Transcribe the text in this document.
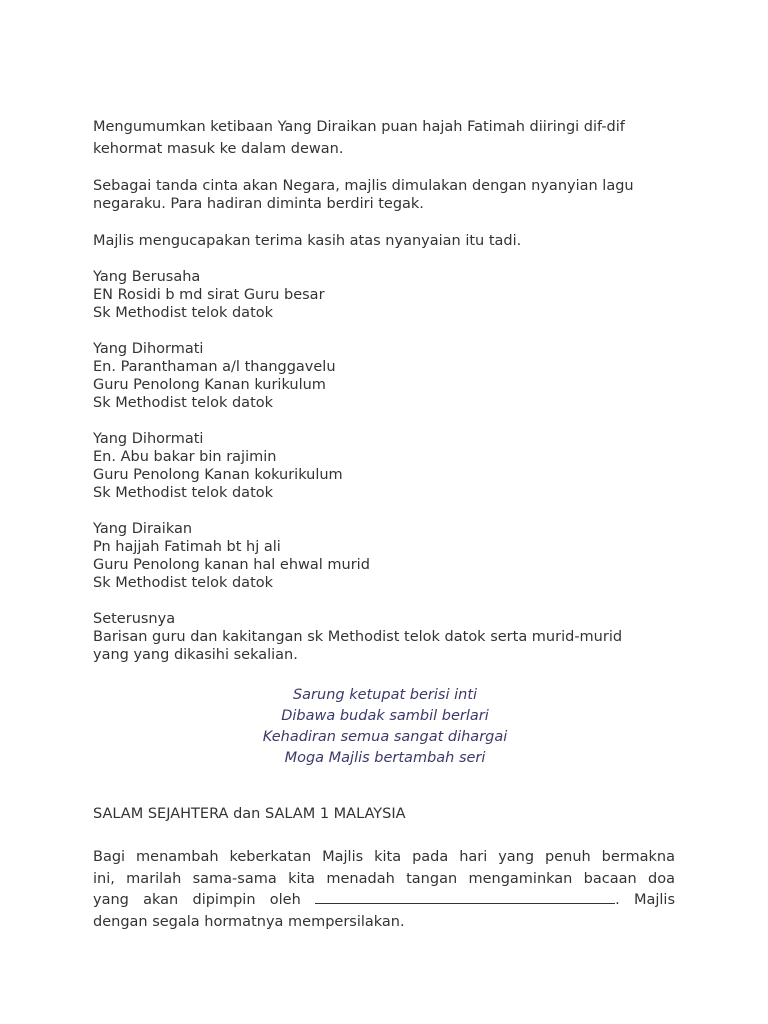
Mengumumkan ketibaan Yang Diraikan puan hajah Fatimah diiringi dif-dif
kehormat masuk ke dalam dewan.

Sebagai tanda cinta akan Negara, majlis dimulakan dengan nyanyian lagu
negaraku. Para hadiran diminta berdiri tegak.

Majlis mengucapakan terima kasih atas nyanyaian itu tadi.

Yang Berusaha
EN Rosidi b md sirat Guru besar
Sk Methodist telok datok

Yang Dihormati
En. Paranthaman a/l thanggavelu
Guru Penolong Kanan kurikulum
Sk Methodist telok datok

Yang Dihormati
En. Abu bakar bin rajimin
Guru Penolong Kanan kokurikulum
Sk Methodist telok datok

Yang Diraikan
Pn hajjah Fatimah bt hj ali
Guru Penolong kanan hal ehwal murid
Sk Methodist telok datok

Seterusnya
Barisan guru dan kakitangan sk Methodist telok datok serta murid-murid
yang yang dikasihi sekalian.

Sarung ketupat berisi inti
Dibawa budak sambil berlari
Kehadiran semua sangat dihargai
Moga Majlis bertambah seri

SALAM SEJAHTERA dan SALAM 1 MALAYSIA

Bagi menambah keberkatan Majlis kita pada hari yang penuh bermakna
ini, marilah sama-sama kita menadah tangan mengaminkan bacaan doa
yang akan dipimpin oleh	. Majlis
dengan segala hormatnya mempersilakan.
